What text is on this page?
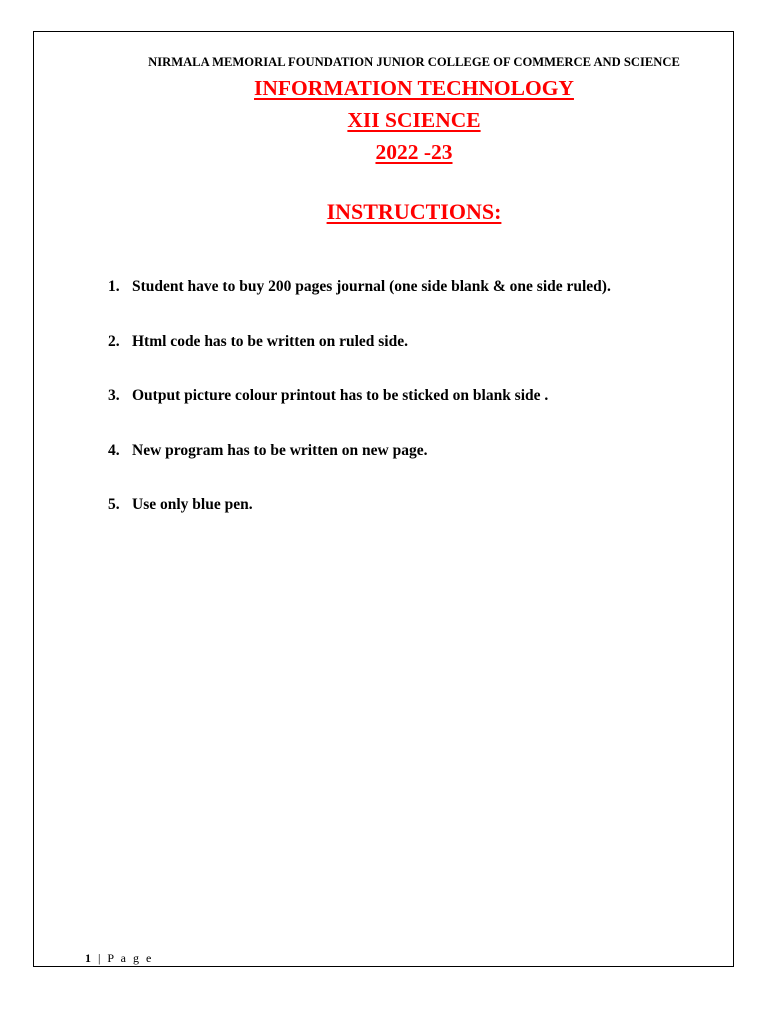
NIRMALA MEMORIAL FOUNDATION JUNIOR COLLEGE OF COMMERCE AND SCIENCE
INFORMATION TECHNOLOGY
XII SCIENCE
2022 -23
INSTRUCTIONS:
1. Student have to buy 200 pages journal (one side blank & one side ruled).
2. Html code has to be written on ruled side.
3. Output picture colour printout has to be sticked on blank side .
4. New program has to be written on new page.
5. Use only blue pen.
1 | P a g e
